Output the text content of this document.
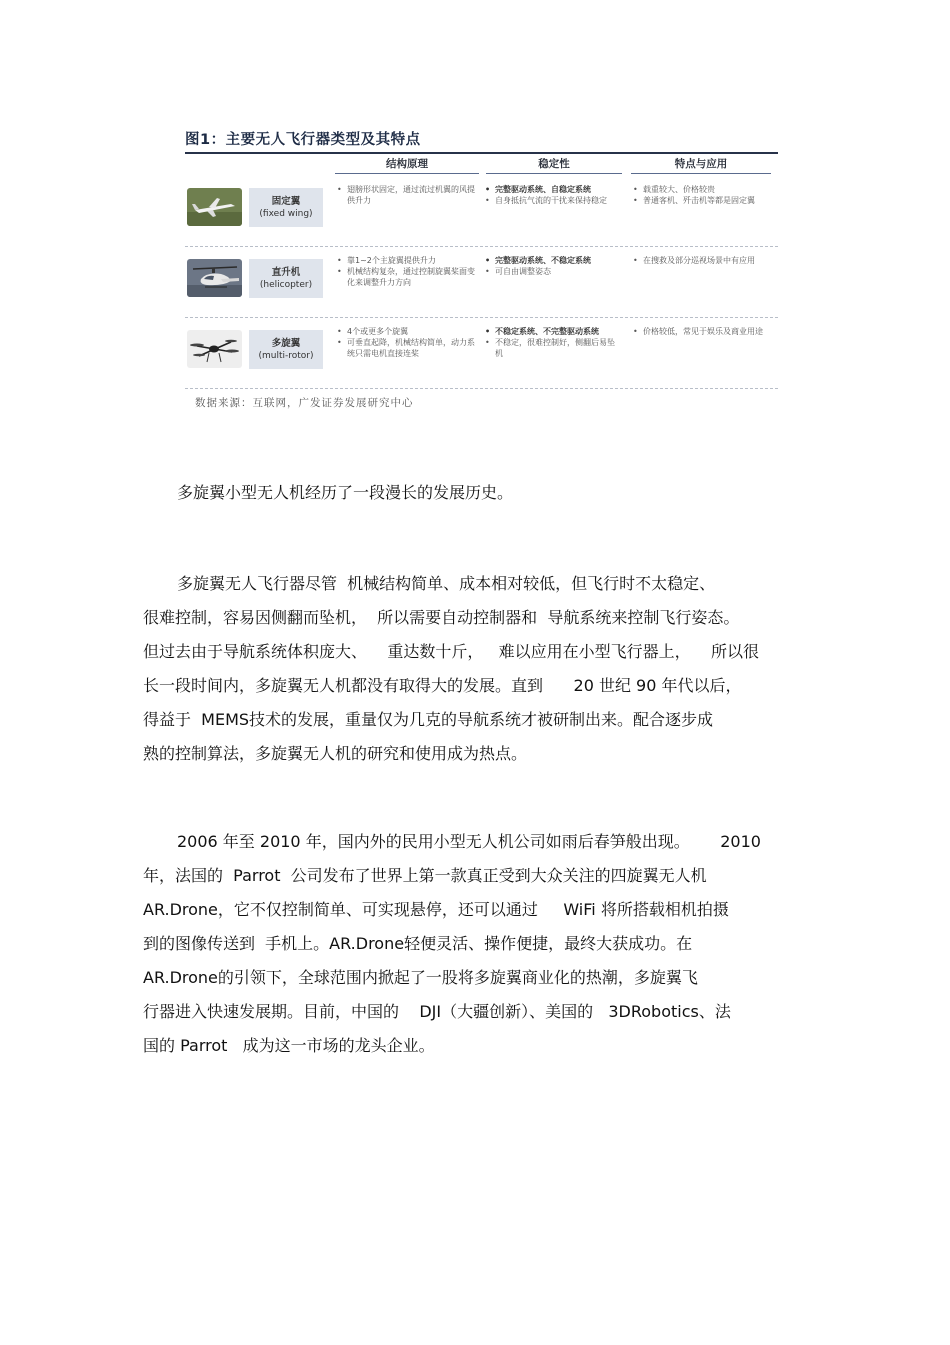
图1：主要无人飞行器类型及其特点
结构原理	稳定性	特点与应用
固定翼
(fixed wing)
• 翅膀形状固定，通过流过机翼的风提供升力
• 完整驱动系统、自稳定系统
• 自身抵抗气流的干扰来保持稳定
• 载重较大、价格较贵
• 普通客机、歼击机等都是固定翼
直升机
(helicopter)
• 靠1~2个主旋翼提供升力
• 机械结构复杂，通过控制旋翼桨面变化来调整升力方向
• 完整驱动系统、不稳定系统
• 可自由调整姿态
• 在搜救及部分巡视场景中有应用
多旋翼
(multi-rotor)
• 4个或更多个旋翼
• 可垂直起降，机械结构简单，动力系统只需电机直接连桨
• 不稳定系统、不完整驱动系统
• 不稳定，很难控制好，侧翻后易坠机
• 价格较低，常见于娱乐及商业用途
数据来源：互联网，广发证券发展研究中心
多旋翼小型无人机经历了一段漫长的发展历史。
多旋翼无人飞行器尽管  机械结构简单、成本相对较低，但飞行时不太稳定、
很难控制，容易因侧翻而坠机，  所以需要自动控制器和  导航系统来控制飞行姿态。
但过去由于导航系统体积庞大、    重达数十斤，   难以应用在小型飞行器上，    所以很
长一段时间内，多旋翼无人机都没有取得大的发展。直到      20 世纪 90 年代以后，
得益于  MEMS技术的发展，重量仅为几克的导航系统才被研制出来。配合逐步成
熟的控制算法，多旋翼无人机的研究和使用成为热点。
2006 年至 2010 年，国内外的民用小型无人机公司如雨后春笋般出现。      2010
年，法国的  Parrot  公司发布了世界上第一款真正受到大众关注的四旋翼无人机
AR.Drone，它不仅控制简单、可实现悬停，还可以通过     WiFi 将所搭载相机拍摄
到的图像传送到  手机上。AR.Drone轻便灵活、操作便捷，最终大获成功。在
AR.Drone的引领下，全球范围内掀起了一股将多旋翼商业化的热潮，多旋翼飞
行器进入快速发展期。目前，中国的    DJI（大疆创新）、美国的   3DRobotics、法
国的 Parrot   成为这一市场的龙头企业。
